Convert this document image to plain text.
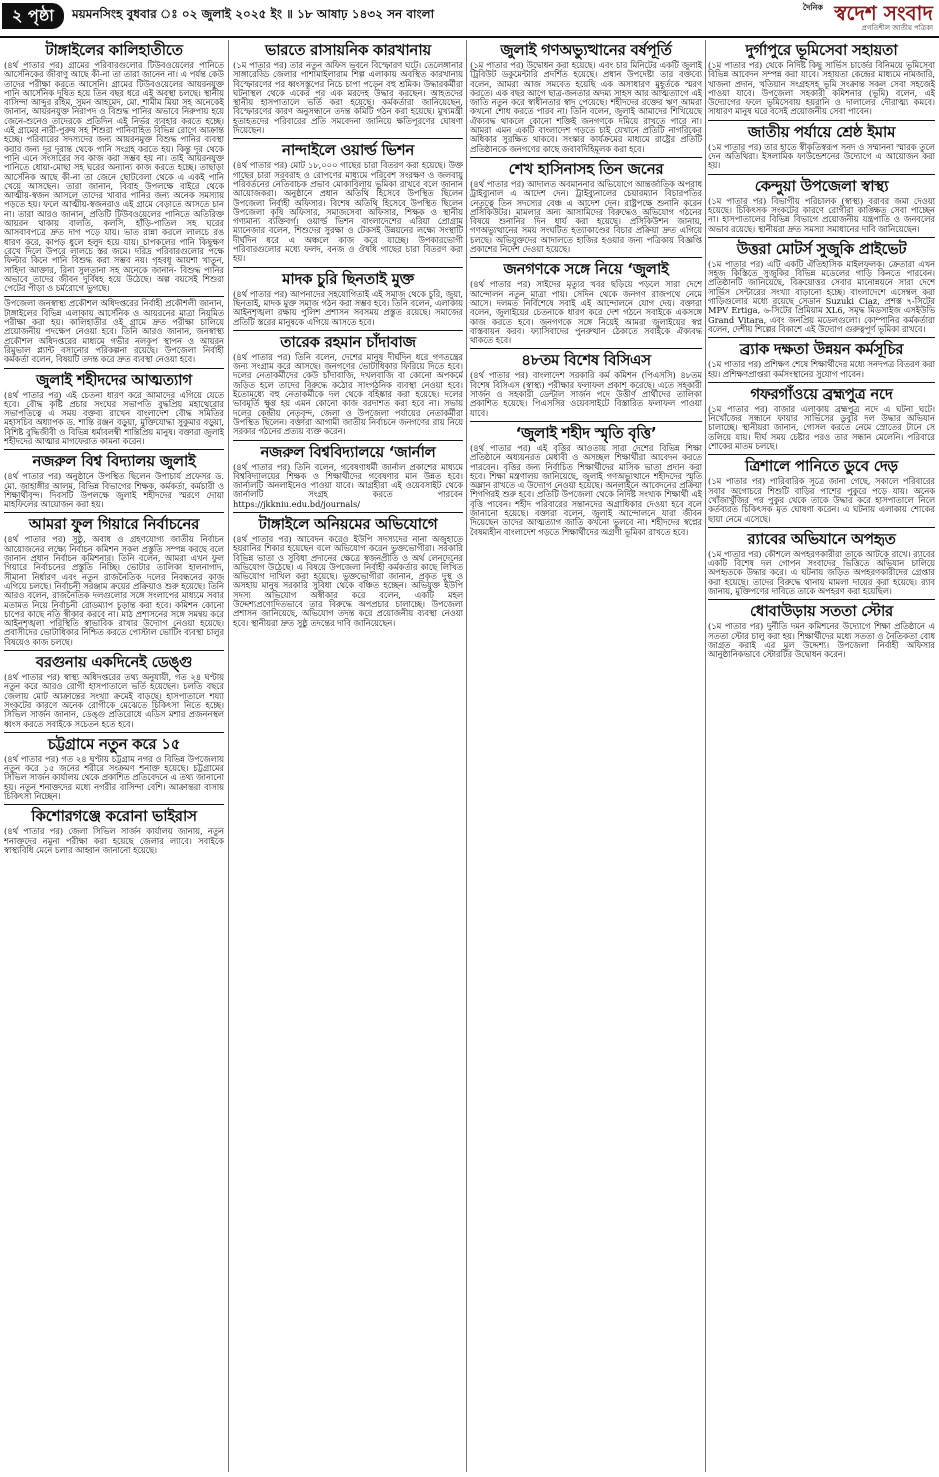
২ পৃষ্ঠা	ময়মনসিংহ বুধবার ঃ ০২ জুলাই ২০২৫ ইং ॥ ১৮ আষাঢ় ১৪৩২ সন বাংলা	দৈনিক স্বদেশ সংবাদ
প্রগতিশীল জাতীয় পত্রিকা
টাঙ্গাইলের কালিহাতীতে

(৪র্থ পাতার পর) গ্রামের পরিবারগুলোর টিউবওয়েলের পানিতে আর্সেনিকের জীবাণু আছে কী-না তা তারা জানেন না। এ পর্যন্ত কেউ তাদের পরীক্ষা করতে আসেনি। গ্রামের টিউবওয়েলের আয়রনযুক্ত পানি আর্সেনিক দূষিত হয়ে তিন বছর ধরে এই অবস্থা চলছে। স্থানীয় বাসিন্দা আব্দুর রহিম, সুমন আহমেদ, মো. শামীম মিয়া সহ অনেকেই জানান, আয়রনযুক্ত নিরাপদ ও বিশুদ্ধ পানির অভাবে নিরুপায় হয়ে জেনে-শুনেও তাদেরকে প্রতিদিন এই নির্ভর ব্যবহার করতে হচ্ছে। এই গ্রামের নারী-পুরুষ সহ শিশুরা পানিবাহিত বিভিন্ন রোগে আক্রান্ত হচ্ছে। পরিবারের সদস্যদের জন্য আয়রনমুক্ত বিশুদ্ধ পানির ব্যবস্থা করার জন্য দূর দূরান্ত থেকে পানি সংগ্রহ করতে হয়। কিন্তু দূর থেকে পানি এনে সংসারের সব কাজ করা সম্ভব হয় না। তাই আয়রনযুক্ত পানিতে ধোয়া-মোছা সহ ঘরের অন্যান্য কাজ করতে হচ্ছে। তাছাড়া আর্সেনিক আছে কী-না তা জেনে ছোটবেলা থেকে এ একই পানি খেয়ে আসছেন। তারা জানান, বিবাহ উপলক্ষে বাইরে থেকে আত্মীয়-স্বজন আসলে তাদের খাবার পানির জন্য অনেক সমস্যায় পড়তে হয়। ফলে আত্মীয়-স্বজনরাও এই গ্রামে বেড়াতে আসতে চান না। তারা আরও জানান, প্রতিটি টিউবওয়েলের পানিতে অতিরিক্ত আয়রন থাকায় বালতি, কলসি, হাঁড়ি-পাতিল সহ ঘরের আসবাবপত্রে দ্রুত দাগ পড়ে যায়। ভাত রান্না করলে লালচে রঙ ধারণ করে, কাপড় ধুলে হলুদ হয়ে যায়। চাপকলের পানি কিছুক্ষণ রেখে দিলে উপরে লালচে স্তর জমে। দরিদ্র পরিবারগুলোর পক্ষে ফিল্টার কিনে পানি বিশুদ্ধ করা সম্ভব নয়। গৃহবধূ আয়শা খাতুন, সাহিদা আক্তার, রিনা সুলতানা সহ অনেকে জানান- বিশুদ্ধ পানির অভাবে তাদের জীবন দুর্বিষহ হয়ে উঠেছে। অল্প বয়সেই শিশুরা পেটের পীড়া ও চর্মরোগে ভুগছে।

উপজেলা জনস্বাস্থ্য প্রকৌশল অধিদপ্তরের নির্বাহী প্রকৌশলী জানান, টাঙ্গাইলের বিভিন্ন এলাকায় আর্সেনিক ও আয়রনের মাত্রা নিয়মিত পরীক্ষা করা হয়। কালিহাতীর ওই গ্রামে দ্রুত পরীক্ষা চালিয়ে প্রয়োজনীয় পদক্ষেপ নেওয়া হবে। তিনি আরও জানান, জনস্বাস্থ্য প্রকৌশল অধিদপ্তরের মাধ্যমে গভীর নলকূপ স্থাপন ও আয়রন রিমুভাল প্ল্যান্ট বসানোর পরিকল্পনা রয়েছে। উপজেলা নির্বাহী কর্মকর্তা বলেন, বিষয়টি তদন্ত করে দ্রুত ব্যবস্থা নেওয়া হবে।

জুলাই শহীদদের আত্মত্যাগ

(৪র্থ পাতার পর) এই চেতনা ধারণ করে আমাদের এগিয়ে যেতে হবে। বৌদ্ধ কৃষ্টি প্রচার সংঘের সভাপতি বুদ্ধপ্রিয় মহাথেরোর সভাপতিত্বে এ সময় বক্তব্য রাখেন বাংলাদেশ বৌদ্ধ সমিতির মহাসচিব অধ্যাপক ড. শান্তি রঞ্জন বড়ুয়া, মুক্তিযোদ্ধা সুকুমার বড়ুয়া, বিশিষ্ট বুদ্ধিজীবী ও বিভিন্ন ধর্মাবলম্বী শান্তিপ্রিয় মানুষ। বক্তারা জুলাই শহীদদের আত্মার মাগফেরাত কামনা করেন।

নজরুল বিশ্ব বিদ্যালয় জুলাই

(৪র্থ পাতার পর) অনুষ্ঠানে উপস্থিত ছিলেন উপাচার্য প্রফেসর ড. মো. জাহাঙ্গীর আলম, বিভিন্ন বিভাগের শিক্ষক, কর্মকর্তা, কর্মচারী ও শিক্ষার্থীবৃন্দ। দিবসটি উপলক্ষে জুলাই শহীদদের স্মরণে দোয়া মাহফিলের আয়োজন করা হয়।

আমরা ফুল গিয়ারে নির্বাচনের

(৪র্থ পাতার পর) সুষ্ঠু, অবাধ ও গ্রহণযোগ্য জাতীয় নির্বাচন আয়োজনের লক্ষ্যে নির্বাচন কমিশন সকল প্রস্তুতি সম্পন্ন করছে বলে জানান প্রধান নির্বাচন কমিশনার। তিনি বলেন, আমরা এখন ফুল গিয়ারে নির্বাচনের প্রস্তুতি নিচ্ছি। ভোটার তালিকা হালনাগাদ, সীমানা নির্ধারণ এবং নতুন রাজনৈতিক দলের নিবন্ধনের কাজ এগিয়ে চলছে। নির্বাচনী সরঞ্জাম ক্রয়ের প্রক্রিয়াও শুরু হয়েছে। তিনি আরও বলেন, রাজনৈতিক দলগুলোর সঙ্গে সংলাপের মাধ্যমে সবার মতামত নিয়ে নির্বাচনী রোডম্যাপ চূড়ান্ত করা হবে। কমিশন কোনো চাপের কাছে নতি স্বীকার করবে না। মাঠ প্রশাসনের সঙ্গে সমন্বয় করে আইনশৃঙ্খলা পরিস্থিতি স্বাভাবিক রাখার উদ্যোগ নেওয়া হয়েছে। প্রবাসীদের ভোটাধিকার নিশ্চিত করতে পোস্টাল ভোটিং ব্যবস্থা চালুর বিষয়েও কাজ চলছে।

বরগুনায় একদিনেই ডেঙ্গু

(৪র্থ পাতার পর) স্বাস্থ্য অধিদপ্তরের তথ্য অনুযায়ী, গত ২৪ ঘণ্টায় নতুন করে আরও রোগী হাসপাতালে ভর্তি হয়েছেন। চলতি বছরে জেলায় মোট আক্রান্তের সংখ্যা ক্রমেই বাড়ছে। হাসপাতালে শয্যা সংকটের কারণে অনেক রোগীকে মেঝেতে চিকিৎসা নিতে হচ্ছে। সিভিল সার্জন জানান, ডেঙ্গু প্রতিরোধে এডিস মশার প্রজননস্থল ধ্বংস করতে সবাইকে সচেতন হতে হবে।

চট্টগ্রামে নতুন করে ১৫

(৪র্থ পাতার পর) গত ২৪ ঘণ্টায় চট্টগ্রাম নগর ও বিভিন্ন উপজেলায় নতুন করে ১৫ জনের শরীরে সংক্রমণ শনাক্ত হয়েছে। চট্টগ্রামের সিভিল সার্জন কার্যালয় থেকে প্রকাশিত প্রতিবেদনে এ তথ্য জানানো হয়। নতুন শনাক্তদের মধ্যে নগরীর বাসিন্দা বেশি। আক্রান্তরা বাসায় চিকিৎসা নিচ্ছেন।

কিশোরগঞ্জে করোনা ভাইরাস

(৪র্থ পাতার পর) জেলা সিভিল সার্জন কার্যালয় জানায়, নতুন শনাক্তদের নমুনা পরীক্ষা করা হয়েছে জেলার ল্যাবে। সবাইকে স্বাস্থ্যবিধি মেনে চলার আহ্বান জানানো হয়েছে।

ভারতে রাসায়নিক কারখানায়

(১ম পাতার পর) তার নতুন অফিস ভবনে বিস্ফোরণ ঘটে। তেলেঙ্গানার সাঙ্গারেড্ডি জেলার পাশামাইলারাম শিল্প এলাকায় অবস্থিত কারখানায় বিস্ফোরণের পর ধ্বংসস্তূপের নিচে চাপা পড়েন বহু শ্রমিক। উদ্ধারকর্মীরা ঘটনাস্থল থেকে একের পর এক মরদেহ উদ্ধার করছেন। আহতদের স্থানীয় হাসপাতালে ভর্তি করা হয়েছে। কর্মকর্তারা জানিয়েছেন, বিস্ফোরণের কারণ অনুসন্ধানে তদন্ত কমিটি গঠন করা হয়েছে। মুখ্যমন্ত্রী হতাহতদের পরিবারের প্রতি সমবেদনা জানিয়ে ক্ষতিপূরণের ঘোষণা দিয়েছেন।

নান্দাইলে ওয়ার্ল্ড ভিশন

(৪র্থ পাতার পর) মোট ১৮,০০০ গাছের চারা বিতরণ করা হয়েছে। উক্ত গাছের চারা সরবরাহ ও রোপণের মাধ্যমে পরিবেশ সংরক্ষণ ও জলবায়ু পরিবর্তনের নেতিবাচক প্রভাব মোকাবিলায় ভূমিকা রাখবে বলে জানান আয়োজকরা। অনুষ্ঠানে প্রধান অতিথি হিসেবে উপস্থিত ছিলেন উপজেলা নির্বাহী অফিসার। বিশেষ অতিথি হিসেবে উপস্থিত ছিলেন উপজেলা কৃষি অফিসার, সমাজসেবা অফিসার, শিক্ষক ও স্থানীয় গণ্যমান্য ব্যক্তিবর্গ। ওয়ার্ল্ড ভিশন বাংলাদেশের এরিয়া প্রোগ্রাম ম্যানেজার বলেন, শিশুদের সুরক্ষা ও টেকসই উন্নয়নের লক্ষ্যে সংস্থাটি দীর্ঘদিন ধরে এ অঞ্চলে কাজ করে যাচ্ছে। উপকারভোগী পরিবারগুলোর মধ্যে ফলদ, বনজ ও ঔষধি গাছের চারা বিতরণ করা হয়।

মাদক চুরি ছিনতাই মুক্ত

(৪র্থ পাতার পর) আপনাদের সহযোগিতাই এই সমাজ থেকে চুরি, জুয়া, ছিনতাই, মাদক মুক্ত সমাজ গঠন করা সম্ভব হবে। তিনি বলেন, এলাকায় আইনশৃঙ্খলা রক্ষায় পুলিশ প্রশাসন সবসময় প্রস্তুত রয়েছে। সমাজের প্রতিটি স্তরের মানুষকে এগিয়ে আসতে হবে।

তারেক রহমান চাঁদাবাজ

(৪র্থ পাতার পর) তিনি বলেন, দেশের মানুষ দীর্ঘদিন ধরে গণতন্ত্রের জন্য সংগ্রাম করে আসছে। জনগণের ভোটাধিকার ফিরিয়ে দিতে হবে। দলের নেতাকর্মীদের কেউ চাঁদাবাজি, দখলবাজি বা কোনো অপকর্মে জড়িত হলে তাদের বিরুদ্ধে কঠোর সাংগঠনিক ব্যবস্থা নেওয়া হবে। ইতোমধ্যে বহু নেতাকর্মীকে দল থেকে বহিষ্কার করা হয়েছে। দলের ভাবমূর্তি ক্ষুণ্ণ হয় এমন কোনো কাজ বরদাশত করা হবে না। সভায় দলের কেন্দ্রীয় নেতৃবৃন্দ, জেলা ও উপজেলা পর্যায়ের নেতাকর্মীরা উপস্থিত ছিলেন। বক্তারা আগামী জাতীয় নির্বাচনে জনগণের রায় নিয়ে সরকার গঠনের প্রত্যয় ব্যক্ত করেন।

নজরুল বিশ্ববিদ্যালয়ে ‘জার্নাল

(৪র্থ পাতার পর) তিনি বলেন, গবেষণাধর্মী জার্নাল প্রকাশের মাধ্যমে বিশ্ববিদ্যালয়ের শিক্ষক ও শিক্ষার্থীদের গবেষণার মান উন্নত হবে। জার্নালটি অনলাইনেও পাওয়া যাবে। আগ্রহীরা এই ওয়েবসাইট থেকে জার্নালটি সংগ্রহ করতে পারবেন https://jkkniu.edu.bd/journals/

টাঙ্গাইলে অনিয়মের অভিযোগে

(৪র্থ পাতার পর) আবেদন করেও ইউপি সদস্যদের নানা অজুহাতে হয়রানির শিকার হয়েছেন বলে অভিযোগ করেন ভুক্তভোগীরা। সরকারি বিভিন্ন ভাতা ও সুবিধা প্রদানের ক্ষেত্রে স্বজনপ্রীতি ও অর্থ লেনদেনের অভিযোগ উঠেছে। এ বিষয়ে উপজেলা নির্বাহী কর্মকর্তার কাছে লিখিত অভিযোগ দাখিল করা হয়েছে। ভুক্তভোগীরা জানান, প্রকৃত দুস্থ ও অসহায় মানুষ সরকারি সুবিধা থেকে বঞ্চিত হচ্ছেন। অভিযুক্ত ইউপি সদস্য অভিযোগ অস্বীকার করে বলেন, একটি মহল উদ্দেশ্যপ্রণোদিতভাবে তার বিরুদ্ধে অপপ্রচার চালাচ্ছে। উপজেলা প্রশাসন জানিয়েছে, অভিযোগ তদন্ত করে প্রয়োজনীয় ব্যবস্থা নেওয়া হবে। স্থানীয়রা দ্রুত সুষ্ঠু তদন্তের দাবি জানিয়েছেন।

জুলাই গণঅভ্যুত্থানের বর্ষপূর্তি

(১ম পাতার পর) উদ্বোধন করা হয়েছে। এবং চার মিনিটের একটি জুলাই ট্রিবিউট ডকুমেন্টারি প্রদর্শিত হয়েছে। প্রধান উপদেষ্টা তার বক্তব্যে বলেন, আমরা আজ সমবেত হয়েছি এক অসাধারণ মুহূর্তকে স্মরণ করতে। এক বছর আগে ছাত্র-জনতার অদম্য সাহস আর আত্মত্যাগে এই জাতি নতুন করে স্বাধীনতার স্বাদ পেয়েছে। শহীদদের রক্তের ঋণ আমরা কখনো শোধ করতে পারব না। তিনি বলেন, জুলাই আমাদের শিখিয়েছে ঐক্যবদ্ধ থাকলে কোনো শক্তিই জনগণকে দমিয়ে রাখতে পারে না। আমরা এমন একটি বাংলাদেশ গড়তে চাই যেখানে প্রতিটি নাগরিকের অধিকার সুরক্ষিত থাকবে। সংস্কার কার্যক্রমের মাধ্যমে রাষ্ট্রের প্রতিটি প্রতিষ্ঠানকে জনগণের কাছে জবাবদিহিমূলক করা হবে।

শেখ হাসিনাসহ তিন জনের

(৪র্থ পাতার পর) আদালত অবমাননার অভিযোগে আন্তর্জাতিক অপরাধ ট্রাইব্যুনাল এ আদেশ দেন। ট্রাইব্যুনালের চেয়ারম্যান বিচারপতির নেতৃত্বে তিন সদস্যের বেঞ্চ এ আদেশ দেন। রাষ্ট্রপক্ষে শুনানি করেন প্রসিকিউটর। মামলার অন্য আসামিদের বিরুদ্ধেও অভিযোগ গঠনের বিষয়ে শুনানির দিন ধার্য করা হয়েছে। প্রসিকিউশন জানায়, গণঅভ্যুত্থানের সময় সংঘটিত হত্যাকাণ্ডের বিচার প্রক্রিয়া দ্রুত এগিয়ে চলছে। অভিযুক্তদের আদালতে হাজির হওয়ার জন্য পত্রিকায় বিজ্ঞপ্তি প্রকাশের নির্দেশ দেওয়া হয়েছে।

জনগণকে সঙ্গে নিয়ে ‘জুলাই

(৪র্থ পাতার পর) সাইদের মৃত্যুর খবর ছড়িয়ে পড়লে সারা দেশে আন্দোলন নতুন মাত্রা পায়। সেদিন থেকে জনগণ রাজপথে নেমে আসে। দলমত নির্বিশেষে সবাই এই আন্দোলনে যোগ দেয়। বক্তারা বলেন, জুলাইয়ের চেতনাকে ধারণ করে দেশ গঠনে সবাইকে একসঙ্গে কাজ করতে হবে। জনগণকে সঙ্গে নিয়েই আমরা জুলাইয়ের স্বপ্ন বাস্তবায়ন করব। ফ্যাসিবাদের পুনরুত্থান ঠেকাতে সবাইকে ঐক্যবদ্ধ থাকতে হবে।

৪৮তম বিশেষ বিসিএস

(৪র্থ পাতার পর) বাংলাদেশ সরকারি কর্ম কমিশন (পিএসসি) ৪৮তম বিশেষ বিসিএস (স্বাস্থ্য) পরীক্ষার ফলাফল প্রকাশ করেছে। এতে সহকারী সার্জন ও সহকারী ডেন্টাল সার্জন পদে উত্তীর্ণ প্রার্থীদের তালিকা প্রকাশিত হয়েছে। পিএসসির ওয়েবসাইটে বিস্তারিত ফলাফল পাওয়া যাবে।

‘জুলাই শহীদ স্মৃতি বৃত্তি’

(৪র্থ পাতার পর) এই বৃত্তির আওতায় সারা দেশের বিভিন্ন শিক্ষা প্রতিষ্ঠানে অধ্যয়নরত মেধাবী ও অসচ্ছল শিক্ষার্থীরা আবেদন করতে পারবেন। বৃত্তির জন্য নির্বাচিত শিক্ষার্থীদের মাসিক ভাতা প্রদান করা হবে। শিক্ষা মন্ত্রণালয় জানিয়েছে, জুলাই গণঅভ্যুত্থানে শহীদদের স্মৃতি অম্লান রাখতে এ উদ্যোগ নেওয়া হয়েছে। অনলাইনে আবেদনের প্রক্রিয়া শিগগিরই শুরু হবে। প্রতিটি উপজেলা থেকে নির্দিষ্ট সংখ্যক শিক্ষার্থী এই বৃত্তি পাবেন। শহীদ পরিবারের সন্তানদের অগ্রাধিকার দেওয়া হবে বলে জানানো হয়েছে। বক্তারা বলেন, জুলাই আন্দোলনে যারা জীবন দিয়েছেন তাদের আত্মত্যাগ জাতি কখনো ভুলবে না। শহীদদের স্বপ্নের বৈষম্যহীন বাংলাদেশ গড়তে শিক্ষার্থীদের অগ্রণী ভূমিকা রাখতে হবে।

দুর্গাপুরে ভূমিসেবা সহায়তা

(১ম পাতার পর) থেকে নির্দিষ্ট কিছু সার্ভিস চার্জের বিনিময়ে ভূমিসেবা বিভিন্ন আবেদন সম্পন্ন করা যাবে। সহায়তা কেন্দ্রের মাধ্যমে নামজারি, খাজনা প্রদান, খতিয়ান সংগ্রহসহ ভূমি সংক্রান্ত সকল সেবা সহজেই পাওয়া যাবে। উপজেলা সহকারী কমিশনার (ভূমি) বলেন, এই উদ্যোগের ফলে ভূমিসেবায় হয়রানি ও দালালের দৌরাত্ম্য কমবে। সাধারণ মানুষ ঘরে বসেই প্রয়োজনীয় সেবা পাবেন।

জাতীয় পর্যায়ে শ্রেষ্ঠ ইমাম

(১ম পাতার পর) তার হাতে স্বীকৃতিস্বরূপ সনদ ও সম্মাননা স্মারক তুলে দেন অতিথিরা। ইসলামিক ফাউন্ডেশনের উদ্যোগে এ আয়োজন করা হয়।

কেন্দুয়া উপজেলা স্বাস্থ্য

(১ম পাতার পর) বিভাগীয় পরিচালক (স্বাস্থ্য) বরাবর জমা দেওয়া হয়েছে। চিকিৎসক সংকটের কারণে রোগীরা কাঙ্ক্ষিত সেবা পাচ্ছেন না। হাসপাতালের বিভিন্ন বিভাগে প্রয়োজনীয় যন্ত্রপাতি ও জনবলের অভাব রয়েছে। স্থানীয়রা দ্রুত সমস্যা সমাধানের দাবি জানিয়েছেন।

উত্তরা মোটর্স সুজুকি প্রাইভেট

(১ম পাতার পর) এটি একটি ঐতিহাসিক মাইলফলক। ক্রেতারা এখন সহজ কিস্তিতে সুজুকির বিভিন্ন মডেলের গাড়ি কিনতে পারবেন। প্রতিষ্ঠানটি জানিয়েছে, বিক্রয়োত্তর সেবার মানোন্নয়নে সারা দেশে সার্ভিস সেন্টারের সংখ্যা বাড়ানো হচ্ছে। বাংলাদেশে এসেম্বল করা গাড়িগুলোর মধ্যে রয়েছে সেডান Suzuki Ciaz, প্রশস্ত ৭-সিটের MPV Ertiga, ৬-সিটের প্রিমিয়াম XL6, সমৃদ্ধ মিডসাইজ এসইউভি Grand Vitara, এবং জনপ্রিয় মডেলগুলো। কোম্পানির কর্মকর্তারা বলেন, দেশীয় শিল্পের বিকাশে এই উদ্যোগ গুরুত্বপূর্ণ ভূমিকা রাখবে।

ব্র্যাক দক্ষতা উন্নয়ন কর্মসূচির

(১ম পাতার পর) প্রশিক্ষণ শেষে শিক্ষার্থীদের মধ্যে সনদপত্র বিতরণ করা হয়। প্রশিক্ষণপ্রাপ্তরা কর্মসংস্থানের সুযোগ পাবেন।

গফরগাঁওয়ে ব্রহ্মপুত্র নদে

(১ম পাতার পর) বাজার এলাকায় ব্রহ্মপুত্র নদে এ ঘটনা ঘটে। নিখোঁজের সন্ধানে ফায়ার সার্ভিসের ডুবুরি দল উদ্ধার অভিযান চালাচ্ছে। স্থানীয়রা জানান, গোসল করতে নেমে স্রোতের টানে সে তলিয়ে যায়। দীর্ঘ সময় চেষ্টার পরও তার সন্ধান মেলেনি। পরিবারে শোকের মাতম চলছে।

ত্রিশালে পানিতে ডুবে দেড়

(১ম পাতার পর) পারিবারিক সূত্রে জানা গেছে, সকালে পরিবারের সবার অগোচরে শিশুটি বাড়ির পাশের পুকুরে পড়ে যায়। অনেক খোঁজাখুঁজির পর পুকুর থেকে তাকে উদ্ধার করে হাসপাতালে নিলে কর্তব্যরত চিকিৎসক মৃত ঘোষণা করেন। এ ঘটনায় এলাকায় শোকের ছায়া নেমে এসেছে।

র‌্যাবের অভিযানে অপহৃত

(১ম পাতার পর) কৌশলে অপহরণকারীরা তাকে আটকে রাখে। র‌্যাবের একটি বিশেষ দল গোপন সংবাদের ভিত্তিতে অভিযান চালিয়ে অপহৃতকে উদ্ধার করে। এ ঘটনায় জড়িত অপহরণকারীদের গ্রেপ্তার করা হয়েছে। তাদের বিরুদ্ধে থানায় মামলা দায়ের করা হয়েছে। র‌্যাব জানায়, মুক্তিপণের দাবিতে তাকে অপহরণ করা হয়েছিল।

ধোবাউড়ায় সততা স্টোর

(১ম পাতার পর) দুর্নীতি দমন কমিশনের উদ্যোগে শিক্ষা প্রতিষ্ঠানে এ সততা স্টোর চালু করা হয়। শিক্ষার্থীদের মধ্যে সততা ও নৈতিকতা বোধ জাগ্রত করাই এর মূল উদ্দেশ্য। উপজেলা নির্বাহী অফিসার আনুষ্ঠানিকভাবে স্টোরটির উদ্বোধন করেন।
